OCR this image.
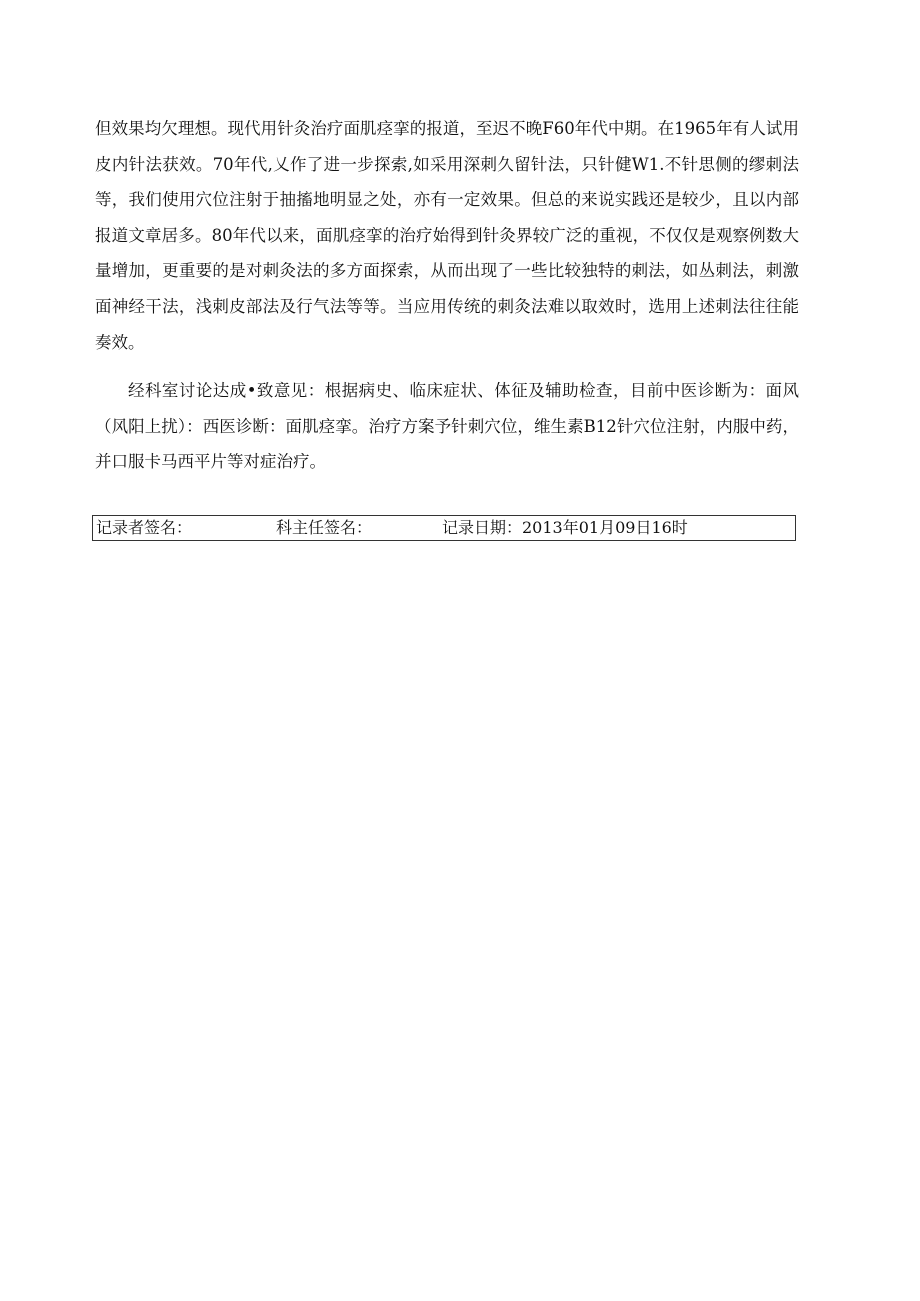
但效果均欠理想。现代用针灸治疗面肌痉挛的报道，至迟不晚F60年代中期。在1965年有人试用皮内针法获效。70年代,乂作了进一步探索,如采用深刺久留针法，只针健W1.不针思侧的缪刺法等，我们使用穴位注射于抽搐地明显之处，亦有一定效果。但总的来说实践还是较少，且以内部报道文章居多。80年代以来，面肌痉挛的治疗始得到针灸界较广泛的重视，不仅仅是观察例数大量增加，更重要的是对刺灸法的多方面探索，从而出现了一些比较独特的刺法，如丛刺法，刺激面神经干法，浅刺皮部法及行气法等等。当应用传统的刺灸法难以取效时，选用上述刺法往往能奏效。

经科室讨论达成•致意见：根据病史、临床症状、体征及辅助检查，目前中医诊断为：面风（风阳上扰）：西医诊断：面肌痉挛。治疗方案予针刺穴位，维生素B12针穴位注射，内服中药，并口服卡马西平片等对症治疗。

记录者签名：	科主任签名：	记录日期：2013年01月09日16时
